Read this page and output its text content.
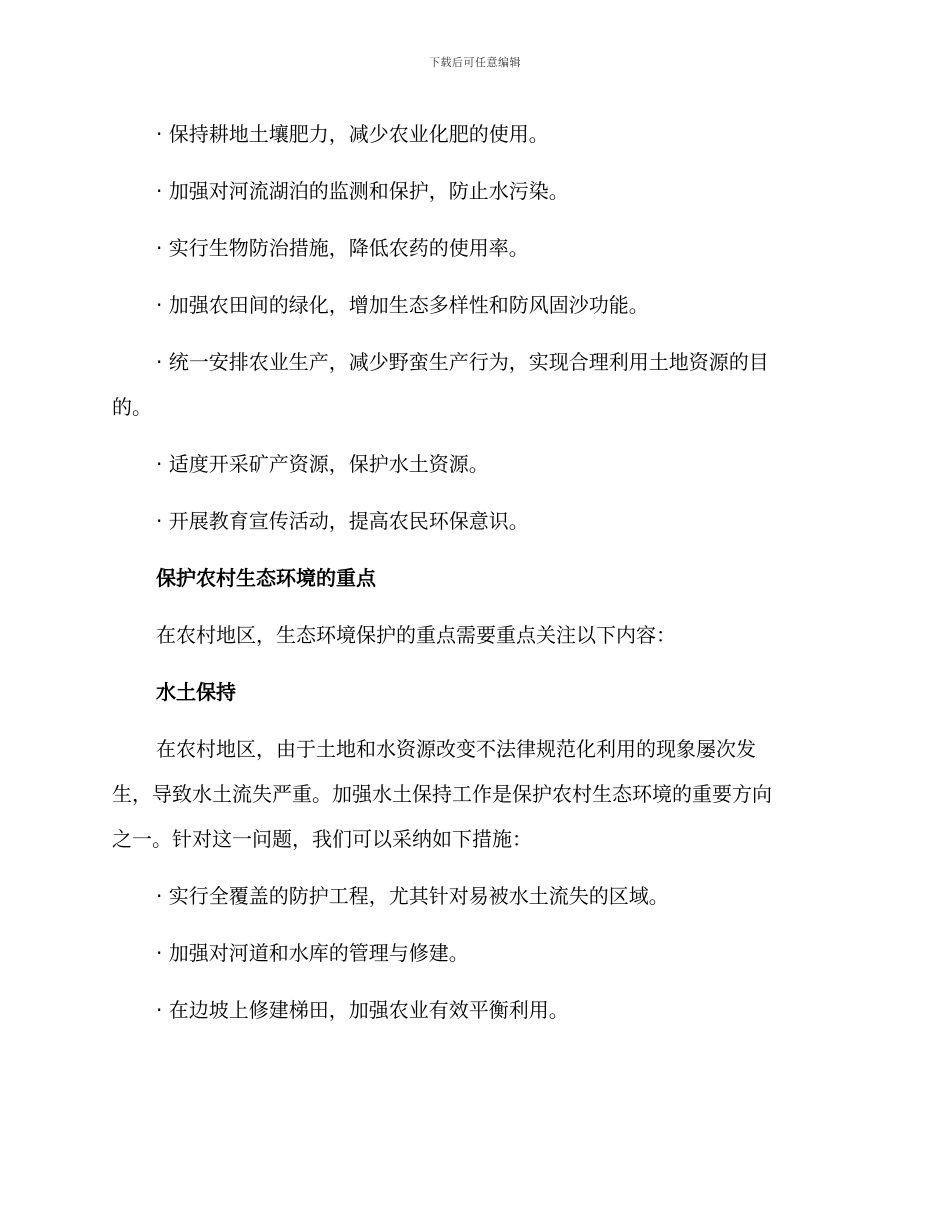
下载后可任意编辑

· 保持耕地土壤肥力，减少农业化肥的使用。

· 加强对河流湖泊的监测和保护，防止水污染。

· 实行生物防治措施，降低农药的使用率。

· 加强农田间的绿化，增加生态多样性和防风固沙功能。

· 统一安排农业生产，减少野蛮生产行为，实现合理利用土地资源的目

的。

· 适度开采矿产资源，保护水土资源。

· 开展教育宣传活动，提高农民环保意识。

保护农村生态环境的重点

在农村地区，生态环境保护的重点需要重点关注以下内容：

水土保持

在农村地区，由于土地和水资源改变不法律规范化利用的现象屡次发

生，导致水土流失严重。加强水土保持工作是保护农村生态环境的重要方向

之一。针对这一问题，我们可以采纳如下措施：

· 实行全覆盖的防护工程，尤其针对易被水土流失的区域。

· 加强对河道和水库的管理与修建。

· 在边坡上修建梯田，加强农业有效平衡利用。
